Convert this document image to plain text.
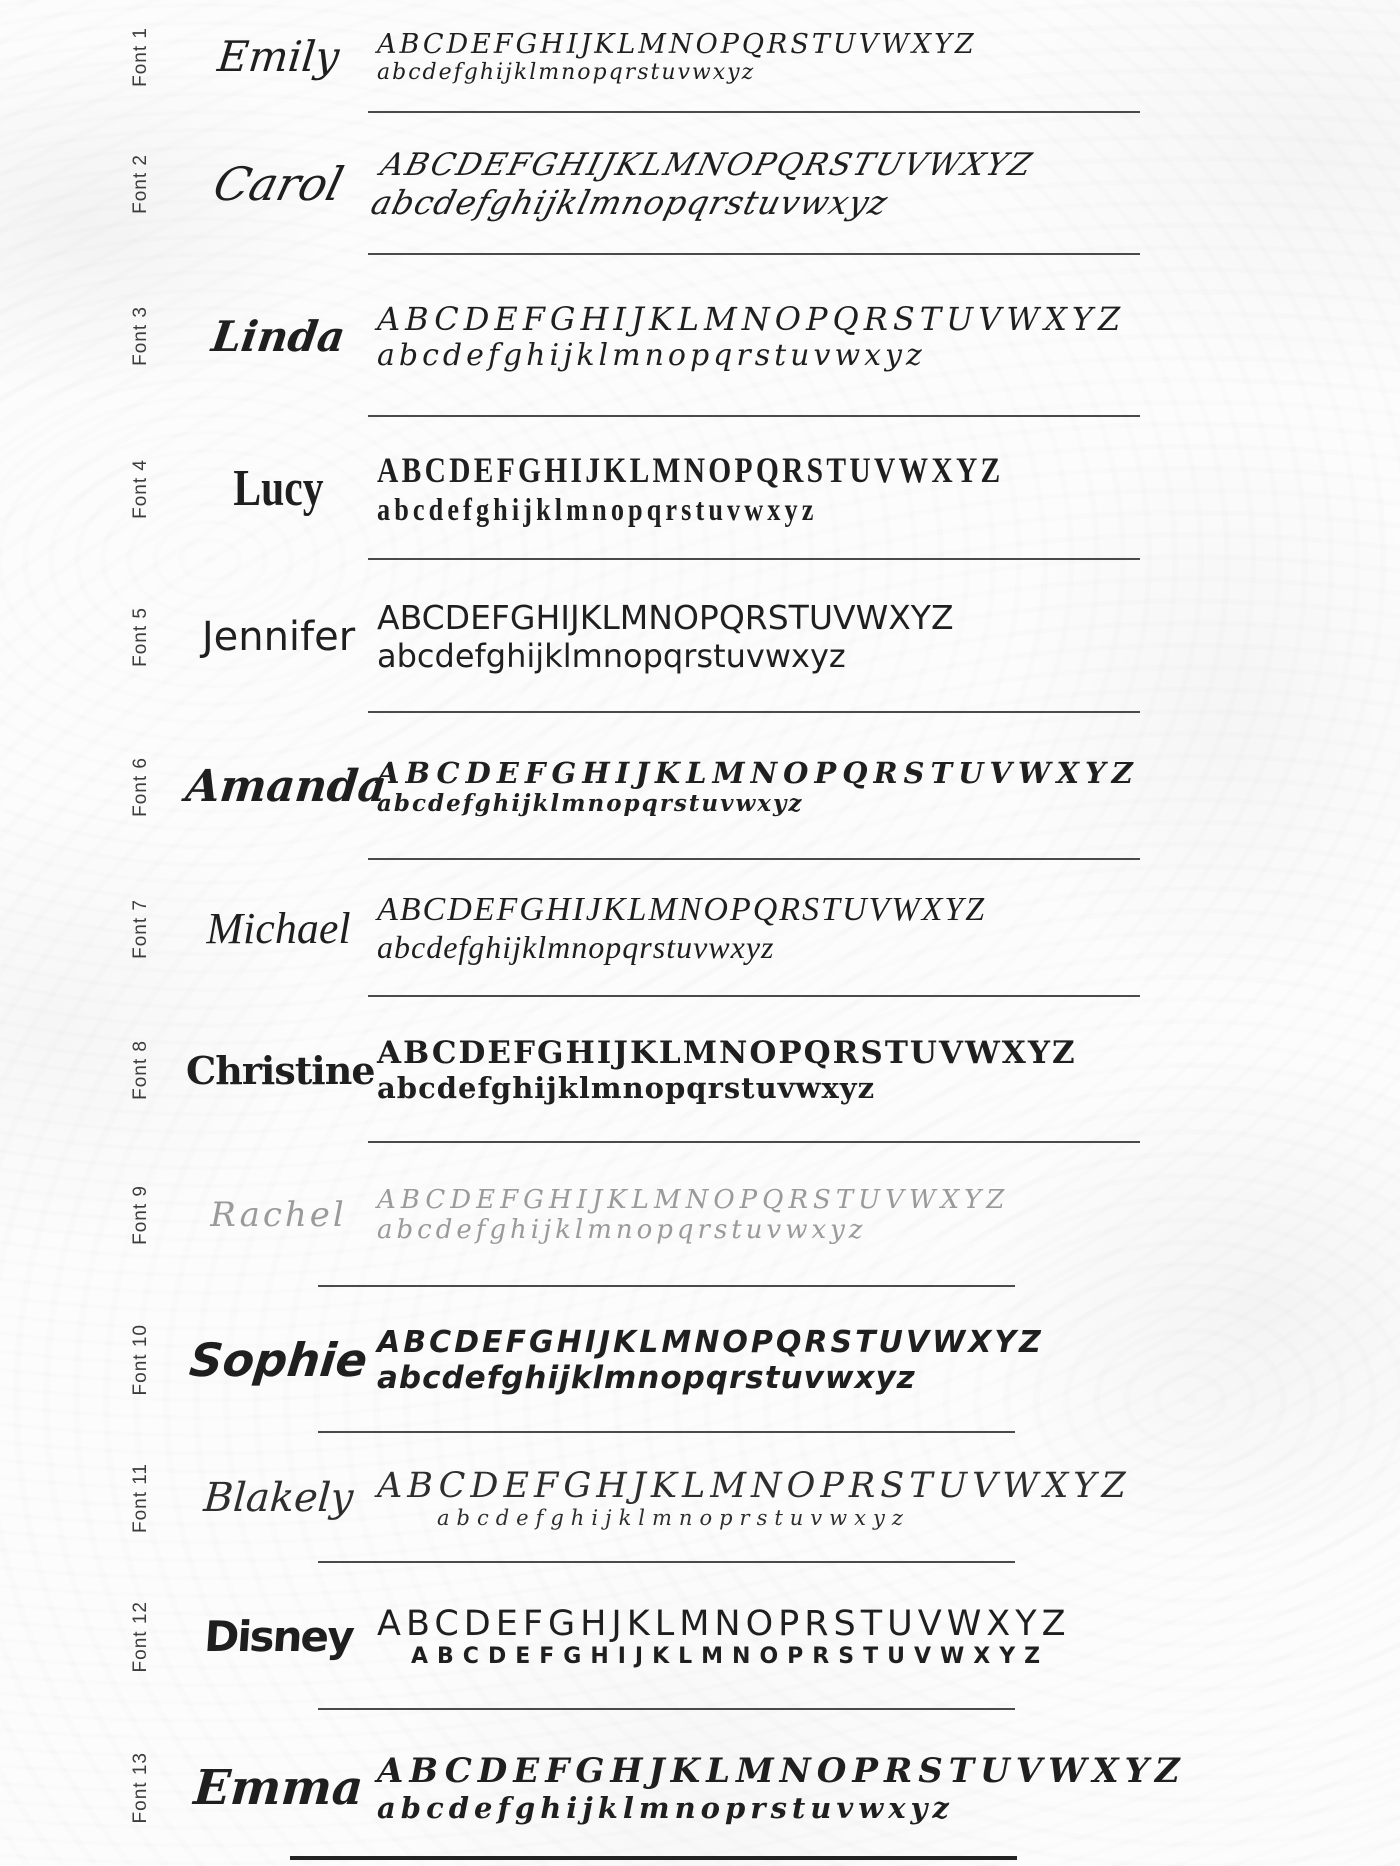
Font 1	Emily	ABCDEFGHIJKLMNOPQRSTUVWXYZ
abcdefghijklmnopqrstuvwxyz
Font 2	Carol ABCDEFGHIJKLMNOPQRSTUVWXYZ
abcdefghijklmnopqrstuvwxyz
Font 3	Linda ABCDEFGHIJKLMNOPQRSTUVWXYZ
abcdefghijklmnopqrstuvwxyz
Font 4	Lucy	ABCDEFGHIJKLMNOPQRSTUVWXYZ
abcdefghijklmnopqrstuvwxyz
Font 5	Jennifer ABCDEFGHIJKLMNOPQRSTUVWXYZ
abcdefghijklmnopqrstuvwxyz
Font 6 Amanda
ABCDEFGHIJKLMNOPQRSTUVWXYZ
abcdefghijklmnopqrstuvwxyz
Font 7	Michael ABCDEFGHIJKLMNOPQRSTUVWXYZ
abcdefghijklmnopqrstuvwxyz
Font 8 Christine ABCDEFGHIJKLMNOPQRSTUVWXYZ
abcdefghijklmnopqrstuvwxyz
Font 9	Rachel	ABCDEFGHIJKLMNOPQRSTUVWXYZ
abcdefghijklmnopqrstuvwxyz
Font 10 Sophie ABCDEFGHIJKLMNOPQRSTUVWXYZ
abcdefghijklmnopqrstuvwxyz
Font 11	Blakely ABCDEFGHJKLMNOPRSTUVWXYZ
abcdefghijklmnoprstuvwxyz
Font 12	Disney ABCDEFGHJKLMNOPRSTUVWXYZ
ABCDEFGHIJKLMNOPRSTUVWXYZ
Font 13 Emma ABCDEFGHJKLMNOPRSTUVWXYZ
abcdefghijklmnoprstuvwxyz
